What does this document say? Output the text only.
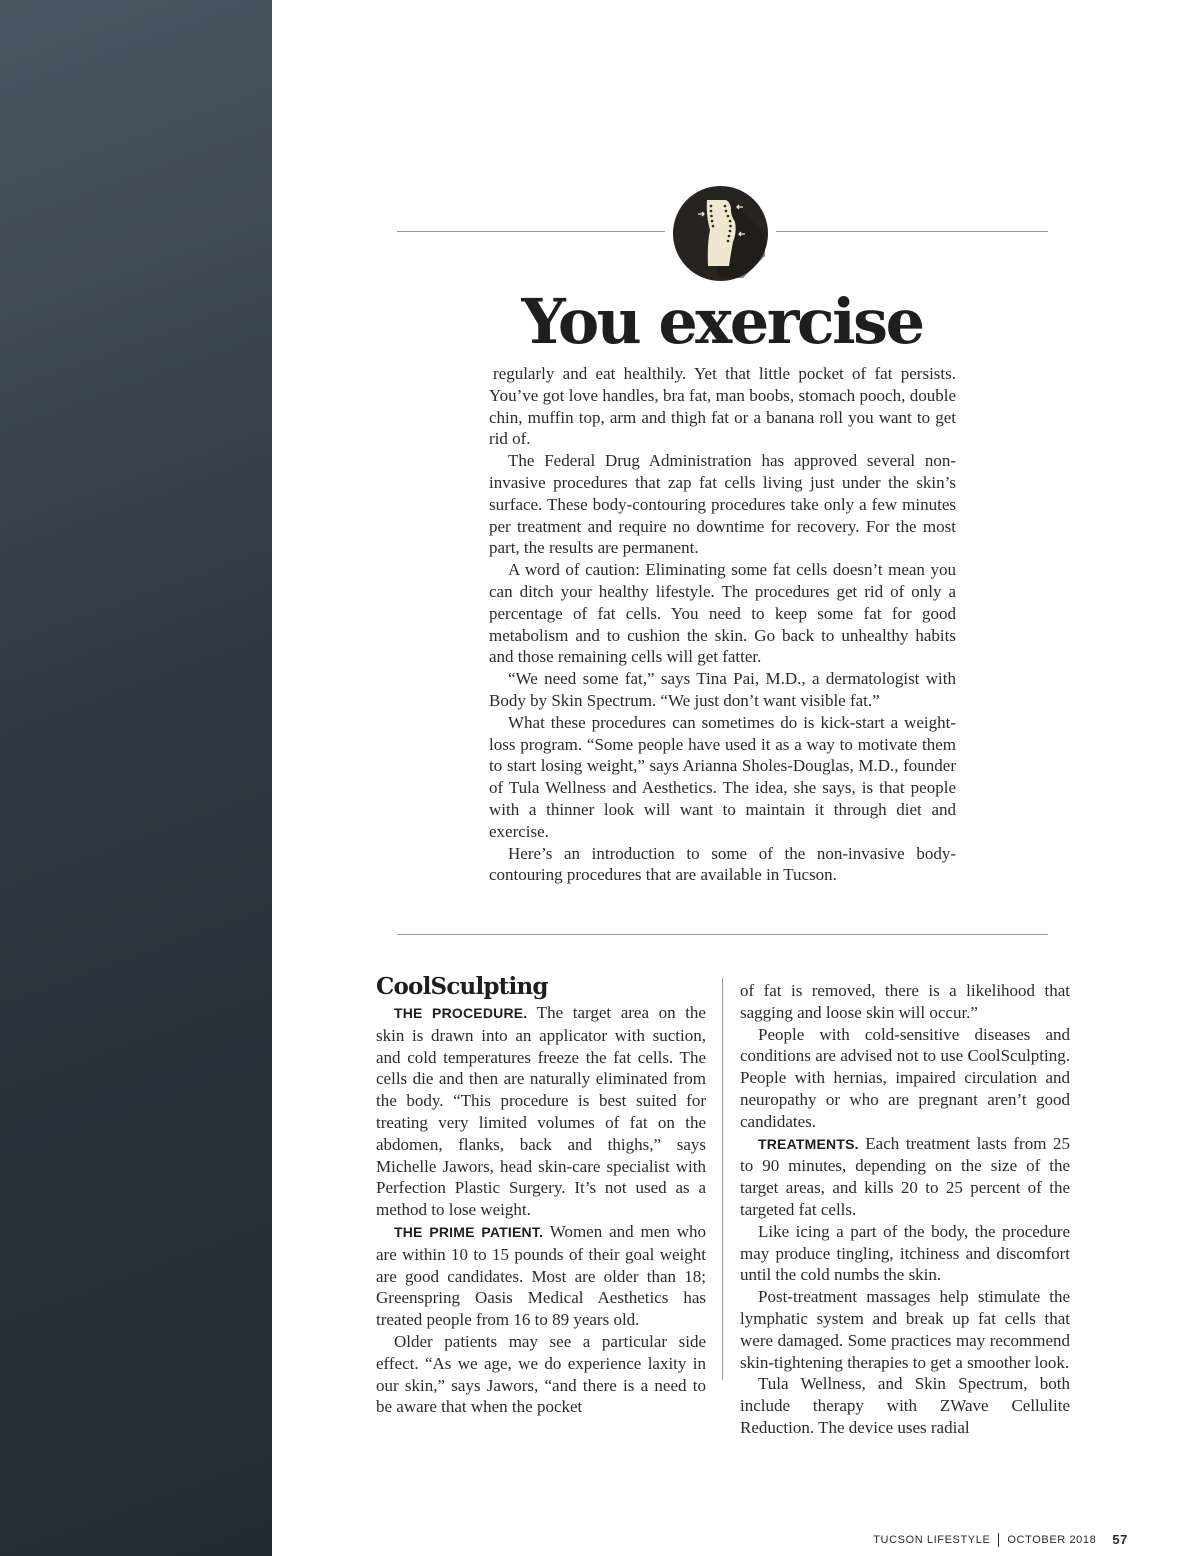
You exercise

regularly and eat healthily. Yet that little pocket of fat persists. You’ve got love handles, bra fat, man boobs, stomach pooch, double chin, muffin top, arm and thigh fat or a banana roll you want to get rid of.

The Federal Drug Administration has approved several non-invasive procedures that zap fat cells living just under the skin’s surface. These body-contouring procedures take only a few minutes per treatment and require no downtime for recovery. For the most part, the results are permanent.

A word of caution: Eliminating some fat cells doesn’t mean you can ditch your healthy lifestyle. The procedures get rid of only a percentage of fat cells. You need to keep some fat for good metabolism and to cushion the skin. Go back to unhealthy habits and those remaining cells will get fatter.

“We need some fat,” says Tina Pai, M.D., a dermatologist with Body by Skin Spectrum. “We just don’t want visible fat.”

What these procedures can sometimes do is kick-start a weight-loss program. “Some people have used it as a way to motivate them to start losing weight,” says Arianna Sholes-Douglas, M.D., founder of Tula Wellness and Aesthetics. The idea, she says, is that people with a thinner look will want to maintain it through diet and exercise.

Here’s an introduction to some of the non-invasive body-contouring procedures that are available in Tucson.

CoolSculpting

THE PROCEDURE. The target area on the skin is drawn into an applicator with suction, and cold temperatures freeze the fat cells. The cells die and then are naturally eliminated from the body. “This procedure is best suited for treating very limited volumes of fat on the abdomen, flanks, back and thighs,” says Michelle Jawors, head skin-care specialist with Perfection Plastic Surgery. It’s not used as a method to lose weight.

THE PRIME PATIENT. Women and men who are within 10 to 15 pounds of their goal weight are good candidates. Most are older than 18; Greenspring Oasis Medical Aesthetics has treated people from 16 to 89 years old.

Older patients may see a particular side effect. “As we age, we do experience laxity in our skin,” says Jawors, “and there is a need to be aware that when the pocket

of fat is removed, there is a likelihood that sagging and loose skin will occur.”

People with cold-sensitive diseases and conditions are advised not to use CoolSculpting. People with hernias, impaired circulation and neuropathy or who are pregnant aren’t good candidates.

TREATMENTS. Each treatment lasts from 25 to 90 minutes, depending on the size of the target areas, and kills 20 to 25 percent of the targeted fat cells.

Like icing a part of the body, the procedure may produce tingling, itchiness and discomfort until the cold numbs the skin.

Post-treatment massages help stimulate the lymphatic system and break up fat cells that were damaged. Some practices may recommend skin-tightening therapies to get a smoother look.

Tula Wellness, and Skin Spectrum, both include therapy with ZWave Cellulite Reduction. The device uses radial

TUCSON LIFESTYLE OCTOBER 2018 57
